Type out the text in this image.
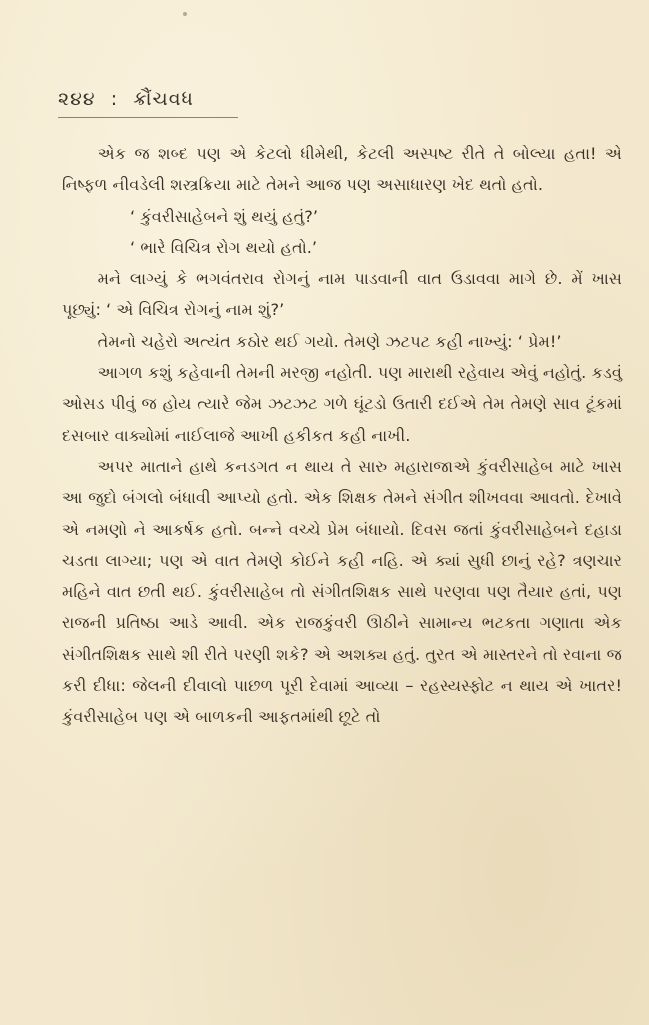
૨૪૪ : ક્રૌંચવધ

એક જ શબ્દ પણ એ કેટલો ધીમેથી, કેટલી અસ્પષ્ટ રીતે તે બોલ્યા હતા! એ નિષ્ફળ નીવડેલી શસ્ત્રક્રિયા માટે તેમને આજ પણ અસાધારણ ખેદ થતો હતો.

‘ કુંવરીસાહેબને શું થયું હતું?’

‘ ભારે વિચિત્ર રોગ થયો હતો.’

મને લાગ્યું કે ભગવંતરાવ રોગનું નામ પાડવાની વાત ઉડાવવા માગે છે. મેં ખાસ પૂછ્યું: ‘ એ વિચિત્ર રોગનું નામ શું?’

તેમનો ચહેરો અત્યંત કઠોર થઈ ગયો. તેમણે ઝટપટ કહી નાખ્યું: ‘ પ્રેમ!’

આગળ કશું કહેવાની તેમની મરજી નહોતી. પણ મારાથી રહેવાય એવું નહોતું. કડવું ઓસડ પીવું જ હોય ત્યારે જેમ ઝટઝટ ગળે ઘૂંટડો ઉતારી દઈએ તેમ તેમણે સાવ ટૂંકમાં દસબાર વાક્યોમાં નાઈલાજે આખી હકીકત કહી નાખી.

અપર માતાને હાથે કનડગત ન થાય તે સારુ મહારાજાએ કુંવરીસાહેબ માટે ખાસ આ જુદો બંગલો બંધાવી આપ્યો હતો. એક શિક્ષક તેમને સંગીત શીખવવા આવતો. દેખાવે એ નમણો ને આકર્ષક હતો. બન્ને વચ્ચે પ્રેમ બંધાયો. દિવસ જતાં કુંવરીસાહેબને દહાડા ચડતા લાગ્યા; પણ એ વાત તેમણે કોઈને કહી નહિ. એ ક્યાં સુધી છાનું રહે? ત્રણચાર મહિને વાત છતી થઈ. કુંવરીસાહેબ તો સંગીતશિક્ષક સાથે પરણવા પણ તૈયાર હતાં, પણ રાજની પ્રતિષ્ઠા આડે આવી. એક રાજકુંવરી ઊઠીને સામાન્ય ભટકતા ગણાતા એક સંગીતશિક્ષક સાથે શી રીતે પરણી શકે? એ અશક્ય હતું. તુરત એ માસ્તરને તો રવાના જ કરી દીધા: જેલની દીવાલો પાછળ પૂરી દેવામાં આવ્યા – રહસ્યસ્ફોટ ન થાય એ ખાતર! કુંવરીસાહેબ પણ એ બાળકની આફતમાંથી છૂટે તો
